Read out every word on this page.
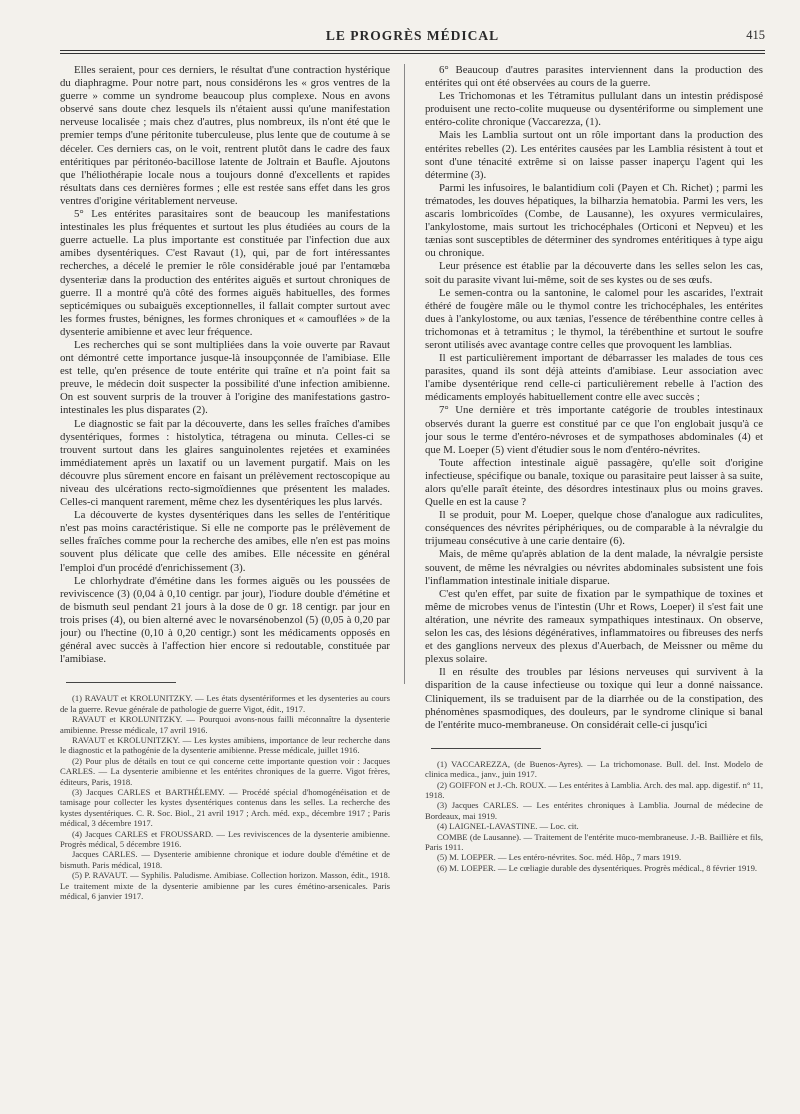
LE PROGRÈS MÉDICAL	415

Elles seraient, pour ces derniers, le résultat d'une contraction hystérique du diaphragme. Pour notre part, nous considérons les « gros ventres de la guerre » comme un syndrome beaucoup plus complexe. Nous en avons observé sans doute chez lesquels ils n'étaient aussi qu'une manifestation nerveuse localisée ; mais chez d'autres, plus nombreux, ils n'ont été que le premier temps d'une péritonite tuberculeuse, plus lente que de coutume à se déceler. Ces derniers cas, on le voit, rentrent plutôt dans le cadre des faux entéritiques par péritonéo-bacillose latente de Joltrain et Baufle. Ajoutons que l'héliothérapie locale nous a toujours donné d'excellents et rapides résultats dans ces dernières formes ; elle est restée sans effet dans les gros ventres d'origine véritablement nerveuse.

5° Les entérites parasitaires sont de beaucoup les manifestations intestinales les plus fréquentes et surtout les plus étudiées au cours de la guerre actuelle. La plus importante est constituée par l'infection due aux amibes dysentériques. C'est Ravaut (1), qui, par de fort intéressantes recherches, a décelé le premier le rôle considérable joué par l'entamœba dysenteriæ dans la production des entérites aiguës et surtout chroniques de guerre. Il a montré qu'à côté des formes aiguës habituelles, des formes septicémiques ou subaiguës exceptionnelles, il fallait compter surtout avec les formes frustes, bénignes, les formes chroniques et « camouflées » de la dysenterie amibienne et avec leur fréquence.

Les recherches qui se sont multipliées dans la voie ouverte par Ravaut ont démontré cette importance jusque-là insoupçonnée de l'amibiase. Elle est telle, qu'en présence de toute entérite qui traîne et n'a point fait sa preuve, le médecin doit suspecter la possibilité d'une infection amibienne. On est souvent surpris de la trouver à l'origine des manifestations gastro-intestinales les plus disparates (2).

Le diagnostic se fait par la découverte, dans les selles fraîches d'amibes dysentériques, formes : histolytica, tétragena ou minuta. Celles-ci se trouvent surtout dans les glaires sanguinolentes rejetées et examinées immédiatement après un laxatif ou un lavement purgatif. Mais on les découvre plus sûrement encore en faisant un prélèvement rectoscopique au niveau des ulcérations recto-sigmoïdiennes que présentent les malades. Celles-ci manquent rarement, même chez les dysentériques les plus larvés.

La découverte de kystes dysentériques dans les selles de l'entéritique n'est pas moins caractéristique. Si elle ne comporte pas le prélèvement de selles fraîches comme pour la recherche des amibes, elle n'en est pas moins souvent plus délicate que celle des amibes. Elle nécessite en général l'emploi d'un procédé d'enrichissement (3).

Le chlorhydrate d'émétine dans les formes aiguës ou les poussées de reviviscence (3) (0,04 à 0,10 centigr. par jour), l'iodure double d'émétine et de bismuth seul pendant 21 jours à la dose de 0 gr. 18 centigr. par jour en trois prises (4), ou bien alterné avec le novarsénobenzol (5) (0,05 à 0,20 par jour) ou l'hectine (0,10 à 0,20 centigr.) sont les médicaments opposés en général avec succès à l'affection hier encore si redoutable, constituée par l'amibiase.

(1) RAVAUT et KROLUNITZKY. — Les états dysentériformes et les dysenteries au cours de la guerre. Revue générale de pathologie de guerre Vigot, édit., 1917.

RAVAUT et KROLUNITZKY. — Pourquoi avons-nous failli méconnaître la dysenterie amibienne. Presse médicale, 17 avril 1916.

RAVAUT et KROLUNITZKY. — Les kystes amibiens, importance de leur recherche dans le diagnostic et la pathogénie de la dysenterie amibienne. Presse médicale, juillet 1916.

(2) Pour plus de détails en tout ce qui concerne cette importante question voir : Jacques CARLES. — La dysenterie amibienne et les entérites chroniques de la guerre. Vigot frères, éditeurs, Paris, 1918.

(3) Jacques CARLES et BARTHÉLEMY. — Procédé spécial d'homogénéisation et de tamisage pour collecter les kystes dysentériques contenus dans les selles. La recherche des kystes dysentériques. C. R. Soc. Biol., 21 avril 1917 ; Arch. méd. exp., décembre 1917 ; Paris médical, 3 décembre 1917.

(4) Jacques CARLES et FROUSSARD. — Les reviviscences de la dysenterie amibienne. Progrès médical, 5 décembre 1916.

Jacques CARLES. — Dysenterie amibienne chronique et iodure double d'émétine et de bismuth. Paris médical, 1918.

(5) P. RAVAUT. — Syphilis. Paludisme. Amibiase. Collection horizon. Masson, édit., 1918. Le traitement mixte de la dysenterie amibienne par les cures émétino-arsenicales. Paris médical, 6 janvier 1917.

6° Beaucoup d'autres parasites interviennent dans la production des entérites qui ont été observées au cours de la guerre.

Les Trichomonas et les Tétramitus pullulant dans un intestin prédisposé produisent une recto-colite muqueuse ou dysentériforme ou simplement une entéro-colite chronique (Vaccarezza, (1).

Mais les Lamblia surtout ont un rôle important dans la production des entérites rebelles (2). Les entérites causées par les Lamblia résistent à tout et sont d'une ténacité extrême si on laisse passer inaperçu l'agent qui les détermine (3).

Parmi les infusoires, le balantidium coli (Payen et Ch. Richet) ; parmi les trématodes, les douves hépatiques, la bilharzia hematobia. Parmi les vers, les ascaris lombricoïdes (Combe, de Lausanne), les oxyures vermiculaires, l'ankylostome, mais surtout les trichocéphales (Orticoni et Nepveu) et les tænias sont susceptibles de déterminer des syndromes entéritiques à type aigu ou chronique.

Leur présence est établie par la découverte dans les selles selon les cas, soit du parasite vivant lui-même, soit de ses kystes ou de ses œufs.

Le semen-contra ou la santonine, le calomel pour les ascarides, l'extrait éthéré de fougère mâle ou le thymol contre les trichocéphales, les entérites dues à l'ankylostome, ou aux tænias, l'essence de térébenthine contre celles à trichomonas et à tetramitus ; le thymol, la térébenthine et surtout le soufre seront utilisés avec avantage contre celles que provoquent les lamblias.

Il est particulièrement important de débarrasser les malades de tous ces parasites, quand ils sont déjà atteints d'amibiase. Leur association avec l'amibe dysentérique rend celle-ci particulièrement rebelle à l'action des médicaments employés habituellement contre elle avec succès ;

7° Une dernière et très importante catégorie de troubles intestinaux observés durant la guerre est constitué par ce que l'on englobait jusqu'à ce jour sous le terme d'entéro-névroses et de sympathoses abdominales (4) et que M. Loeper (5) vient d'étudier sous le nom d'entéro-névrites.

Toute affection intestinale aiguë passagère, qu'elle soit d'origine infectieuse, spécifique ou banale, toxique ou parasitaire peut laisser à sa suite, alors qu'elle paraît éteinte, des désordres intestinaux plus ou moins graves. Quelle en est la cause ?

Il se produit, pour M. Loeper, quelque chose d'analogue aux radiculites, conséquences des névrites périphériques, ou de comparable à la névralgie du trijumeau consécutive à une carie dentaire (6).

Mais, de même qu'après ablation de la dent malade, la névralgie persiste souvent, de même les névralgies ou névrites abdominales subsistent une fois l'inflammation intestinale initiale disparue.

C'est qu'en effet, par suite de fixation par le sympathique de toxines et même de microbes venus de l'intestin (Uhr et Rows, Loeper) il s'est fait une altération, une névrite des rameaux sympathiques intestinaux. On observe, selon les cas, des lésions dégénératives, inflammatoires ou fibreuses des nerfs et des ganglions nerveux des plexus d'Auerbach, de Meissner ou même du plexus solaire.

Il en résulte des troubles par lésions nerveuses qui survivent à la disparition de la cause infectieuse ou toxique qui leur a donné naissance. Cliniquement, ils se traduisent par de la diarrhée ou de la constipation, des phénomènes spasmodiques, des douleurs, par le syndrome clinique si banal de l'entérite muco-membraneuse. On considérait celle-ci jusqu'ici

(1) VACCAREZZA, (de Buenos-Ayres). — La trichomonase. Bull. del. Inst. Modelo de clinica medica., janv., juin 1917.

(2) GOIFFON et J.-Ch. ROUX. — Les entérites à Lamblia. Arch. des mal. app. digestif. n° 11, 1918.

(3) Jacques CARLES. — Les entérites chroniques à Lamblia. Journal de médecine de Bordeaux, mai 1919.

(4) LAIGNEL-LAVASTINE. — Loc. cit.

COMBE (de Lausanne). — Traitement de l'entérite muco-membraneuse. J.-B. Baillière et fils, Paris 1911.

(5) M. LOEPER. — Les entéro-névrites. Soc. méd. Hôp., 7 mars 1919.

(6) M. LOEPER. — Le cœliagie durable des dysentériques. Progrès médical., 8 février 1919.
